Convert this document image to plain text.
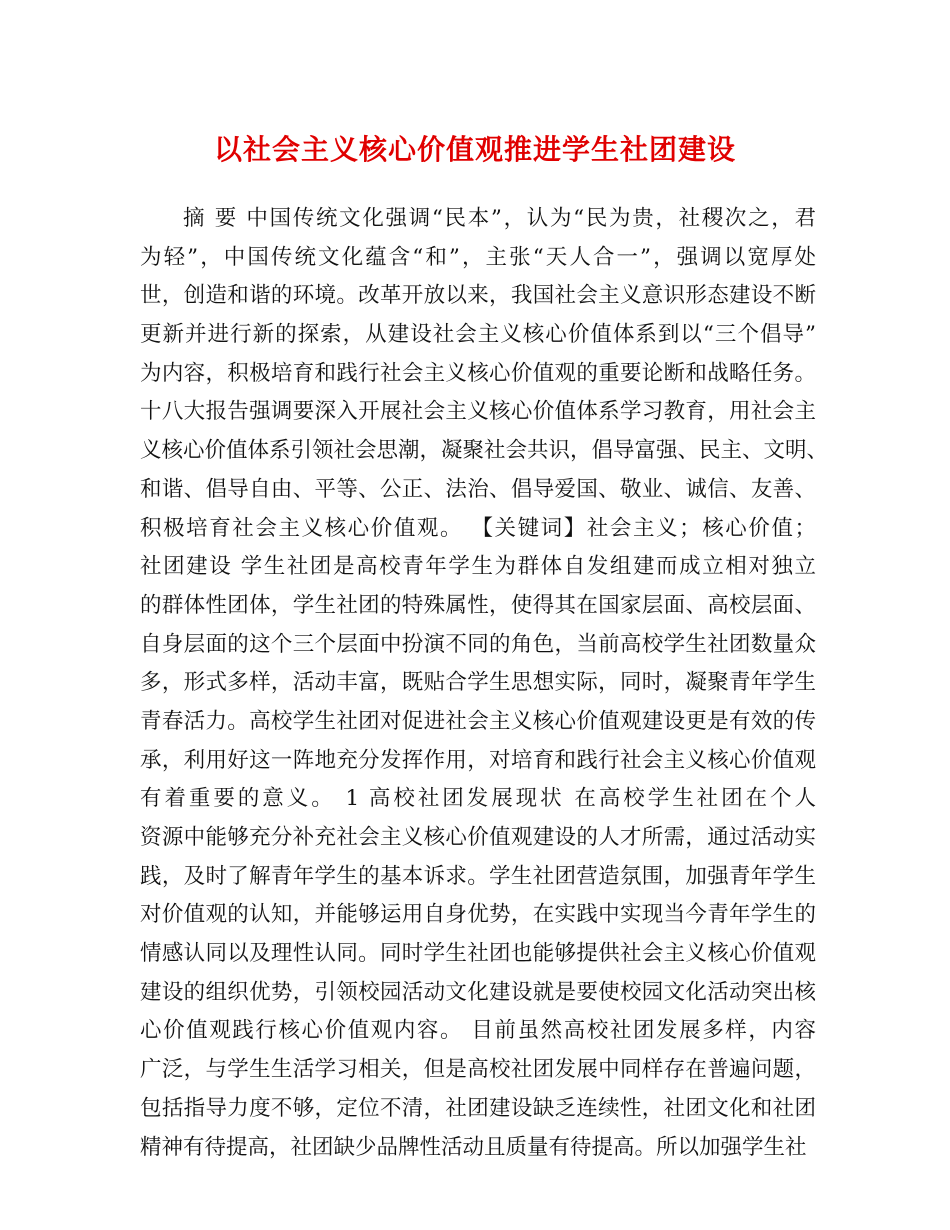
以社会主义核心价值观推进学生社团建设
摘 要 中国传统文化强调“民本”，认为“民为贵，社稷次之，君
为轻”，中国传统文化蕴含“和”，主张“天人合一”，强调以宽厚处
世，创造和谐的环境。改革开放以来，我国社会主义意识形态建设不断
更新并进行新的探索，从建设社会主义核心价值体系到以“三个倡导”
为内容，积极培育和践行社会主义核心价值观的重要论断和战略任务。
十八大报告强调要深入开展社会主义核心价值体系学习教育，用社会主
义核心价值体系引领社会思潮，凝聚社会共识，倡导富强、民主、文明、
和谐、倡导自由、平等、公正、法治、倡导爱国、敬业、诚信、友善、
积极培育社会主义核心价值观。 【关键词】社会主义；核心价值；
社团建设 学生社团是高校青年学生为群体自发组建而成立相对独立
的群体性团体，学生社团的特殊属性，使得其在国家层面、高校层面、
自身层面的这个三个层面中扮演不同的角色，当前高校学生社团数量众
多，形式多样，活动丰富，既贴合学生思想实际，同时，凝聚青年学生
青春活力。高校学生社团对促进社会主义核心价值观建设更是有效的传
承，利用好这一阵地充分发挥作用，对培育和践行社会主义核心价值观
有着重要的意义。 1 高校社团发展现状 在高校学生社团在个人
资源中能够充分补充社会主义核心价值观建设的人才所需，通过活动实
践，及时了解青年学生的基本诉求。学生社团营造氛围，加强青年学生
对价值观的认知，并能够运用自身优势，在实践中实现当今青年学生的
情感认同以及理性认同。同时学生社团也能够提供社会主义核心价值观
建设的组织优势，引领校园活动文化建设就是要使校园文化活动突出核
心价值观践行核心价值观内容。 目前虽然高校社团发展多样，内容
广泛，与学生生活学习相关，但是高校社团发展中同样存在普遍问题，
包括指导力度不够，定位不清，社团建设缺乏连续性，社团文化和社团
精神有待提高，社团缺少品牌性活动且质量有待提高。所以加强学生社
